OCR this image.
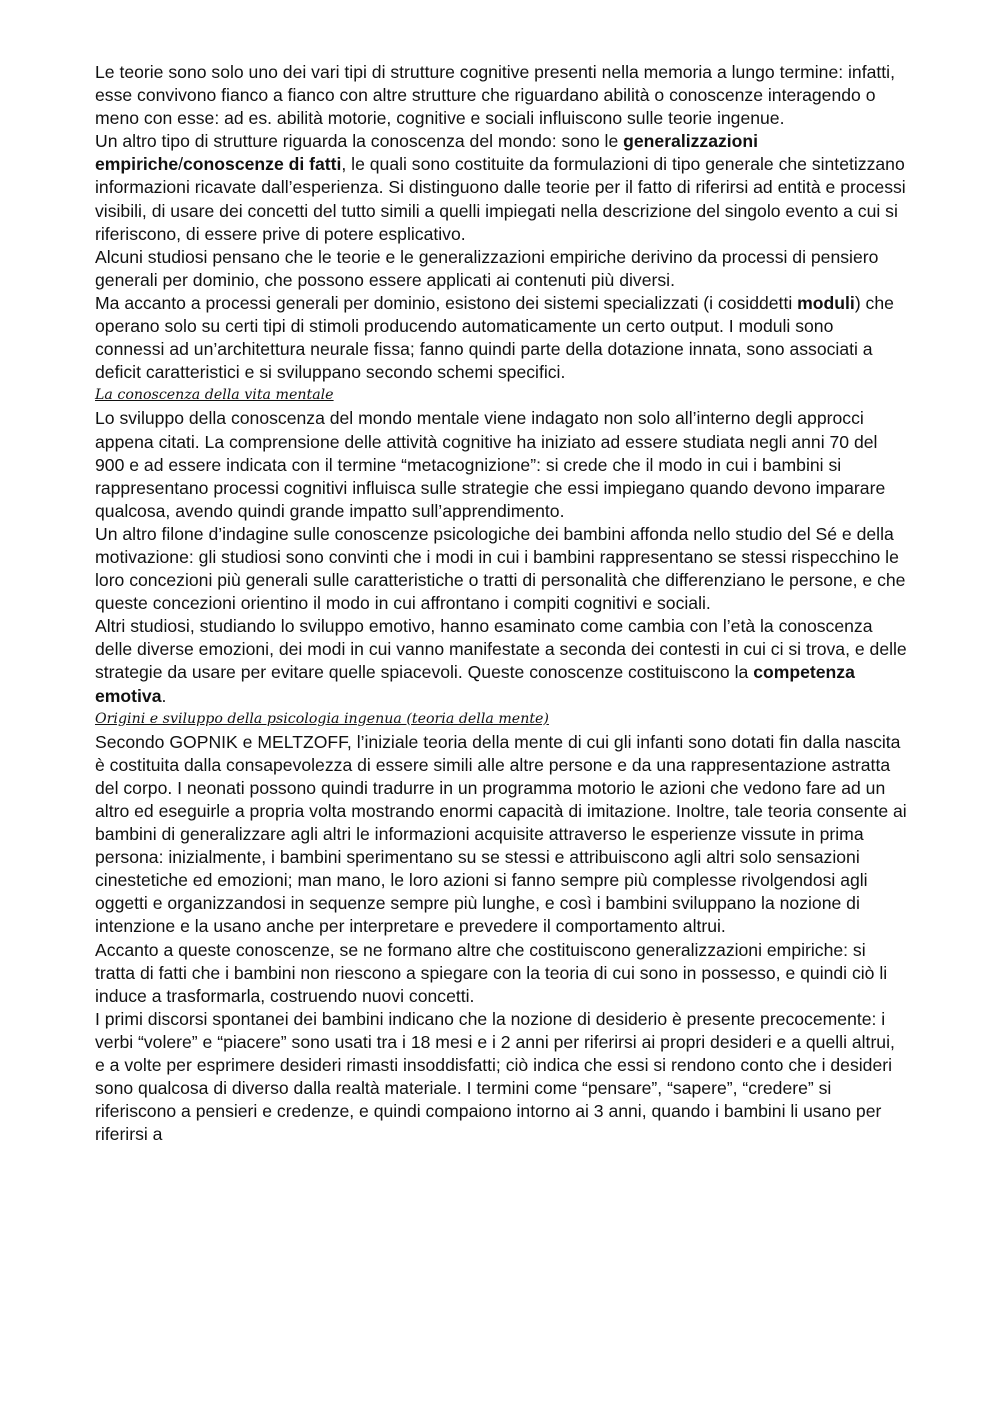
Le teorie sono solo uno dei vari tipi di strutture cognitive presenti nella memoria a lungo termine: infatti, esse convivono fianco a fianco con altre strutture che riguardano abilità o conoscenze interagendo o meno con esse: ad es. abilità motorie, cognitive e sociali influiscono sulle teorie ingenue.

Un altro tipo di strutture riguarda la conoscenza del mondo: sono le generalizzazioni empiriche/conoscenze di fatti, le quali sono costituite da formulazioni di tipo generale che sintetizzano informazioni ricavate dall’esperienza. Si distinguono dalle teorie per il fatto di riferirsi ad entità e processi visibili, di usare dei concetti del tutto simili a quelli impiegati nella descrizione del singolo evento a cui si riferiscono, di essere prive di potere esplicativo.

Alcuni studiosi pensano che le teorie e le generalizzazioni empiriche derivino da processi di pensiero generali per dominio, che possono essere applicati ai contenuti più diversi.

Ma accanto a processi generali per dominio, esistono dei sistemi specializzati (i cosiddetti moduli) che operano solo su certi tipi di stimoli producendo automaticamente un certo output. I moduli sono connessi ad un’architettura neurale fissa; fanno quindi parte della dotazione innata, sono associati a deficit caratteristici e si sviluppano secondo schemi specifici.

La conoscenza della vita mentale

Lo sviluppo della conoscenza del mondo mentale viene indagato non solo all’interno degli approcci appena citati. La comprensione delle attività cognitive ha iniziato ad essere studiata negli anni 70 del 900 e ad essere indicata con il termine “metacognizione”: si crede che il modo in cui i bambini si rappresentano processi cognitivi influisca sulle strategie che essi impiegano quando devono imparare qualcosa, avendo quindi grande impatto sull’apprendimento.

Un altro filone d’indagine sulle conoscenze psicologiche dei bambini affonda nello studio del Sé e della motivazione: gli studiosi sono convinti che i modi in cui i bambini rappresentano se stessi rispecchino le loro concezioni più generali sulle caratteristiche o tratti di personalità che differenziano le persone, e che queste concezioni orientino il modo in cui affrontano i compiti cognitivi e sociali.

Altri studiosi, studiando lo sviluppo emotivo, hanno esaminato come cambia con l’età la conoscenza delle diverse emozioni, dei modi in cui vanno manifestate a seconda dei contesti in cui ci si trova, e delle strategie da usare per evitare quelle spiacevoli. Queste conoscenze costituiscono la competenza emotiva.

Origini e sviluppo della psicologia ingenua (teoria della mente)

Secondo GOPNIK e MELTZOFF, l’iniziale teoria della mente di cui gli infanti sono dotati fin dalla nascita è costituita dalla consapevolezza di essere simili alle altre persone e da una rappresentazione astratta del corpo. I neonati possono quindi tradurre in un programma motorio le azioni che vedono fare ad un altro ed eseguirle a propria volta mostrando enormi capacità di imitazione. Inoltre, tale teoria consente ai bambini di generalizzare agli altri le informazioni acquisite attraverso le esperienze vissute in prima persona: inizialmente, i bambini sperimentano su se stessi e attribuiscono agli altri solo sensazioni cinestetiche ed emozioni; man mano, le loro azioni si fanno sempre più complesse rivolgendosi agli oggetti e organizzandosi in sequenze sempre più lunghe, e così i bambini sviluppano la nozione di intenzione e la usano anche per interpretare e prevedere il comportamento altrui.

Accanto a queste conoscenze, se ne formano altre che costituiscono generalizzazioni empiriche: si tratta di fatti che i bambini non riescono a spiegare con la teoria di cui sono in possesso, e quindi ciò li induce a trasformarla, costruendo nuovi concetti.

I primi discorsi spontanei dei bambini indicano che la nozione di desiderio è presente precocemente: i verbi “volere” e “piacere” sono usati tra i 18 mesi e i 2 anni per riferirsi ai propri desideri e a quelli altrui, e a volte per esprimere desideri rimasti insoddisfatti; ciò indica che essi si rendono conto che i desideri sono qualcosa di diverso dalla realtà materiale. I termini come “pensare”, “sapere”, “credere” si riferiscono a pensieri e credenze, e quindi compaiono intorno ai 3 anni, quando i bambini li usano per riferirsi a
